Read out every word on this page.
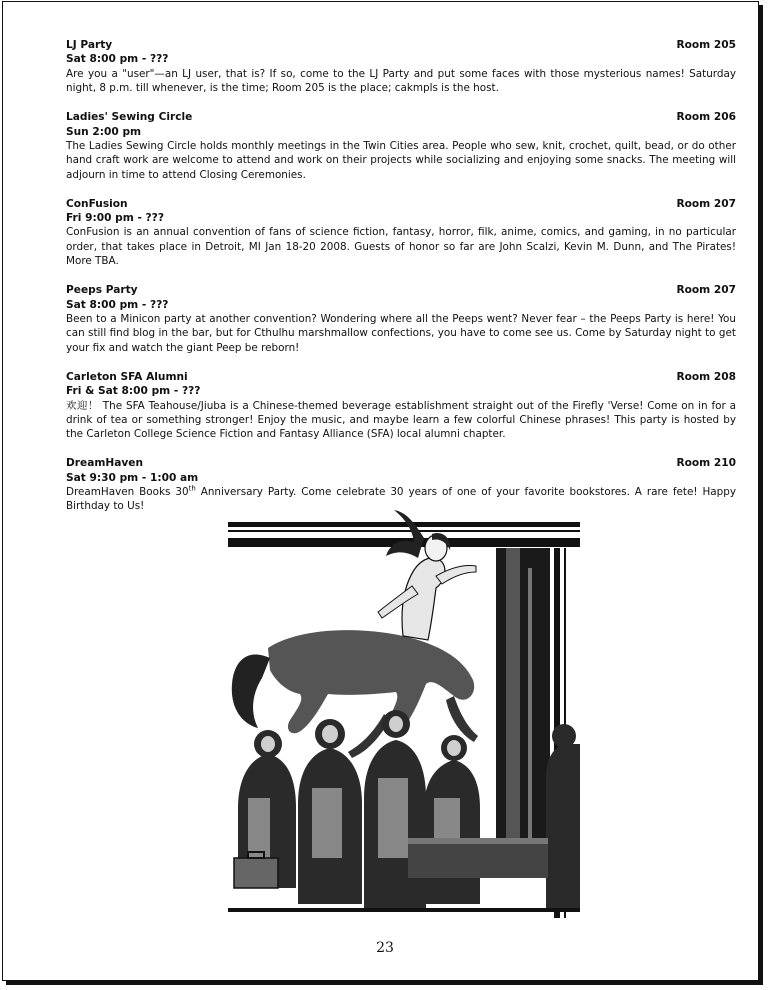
LJ Party	Room 205
Sat 8:00 pm - ???
Are you a "user"—an LJ user, that is? If so, come to the LJ Party and put some faces with those mysterious names! Saturday night, 8 p.m. till whenever, is the time; Room 205 is the place; cakmpls is the host.
Ladies' Sewing Circle	Room 206
Sun 2:00 pm
The Ladies Sewing Circle holds monthly meetings in the Twin Cities area. People who sew, knit, crochet, quilt, bead, or do other hand craft work are welcome to attend and work on their projects while socializing and enjoying some snacks. The meeting will adjourn in time to attend Closing Ceremonies.
ConFusion	Room 207
Fri 9:00 pm - ???
ConFusion is an annual convention of fans of science fiction, fantasy, horror, filk, anime, comics, and gaming, in no particular order, that takes place in Detroit, MI Jan 18-20 2008. Guests of honor so far are John Scalzi, Kevin M. Dunn, and The Pirates! More TBA.
Peeps Party	Room 207
Sat 8:00 pm - ???
Been to a Minicon party at another convention? Wondering where all the Peeps went? Never fear – the Peeps Party is here! You can still find blog in the bar, but for Cthulhu marshmallow confections, you have to come see us. Come by Saturday night to get your fix and watch the giant Peep be reborn!
Carleton SFA Alumni	Room 208
Fri & Sat 8:00 pm - ???
欢迎！ The SFA Teahouse/Jiuba is a Chinese-themed beverage establishment straight out of the Firefly 'Verse! Come on in for a drink of tea or something stronger! Enjoy the music, and maybe learn a few colorful Chinese phrases! This party is hosted by the Carleton College Science Fiction and Fantasy Alliance (SFA) local alumni chapter.
DreamHaven	Room 210
Sat 9:30 pm - 1:00 am
DreamHaven Books 30th Anniversary Party. Come celebrate 30 years of one of your favorite bookstores. A rare fete! Happy Birthday to Us!
23
